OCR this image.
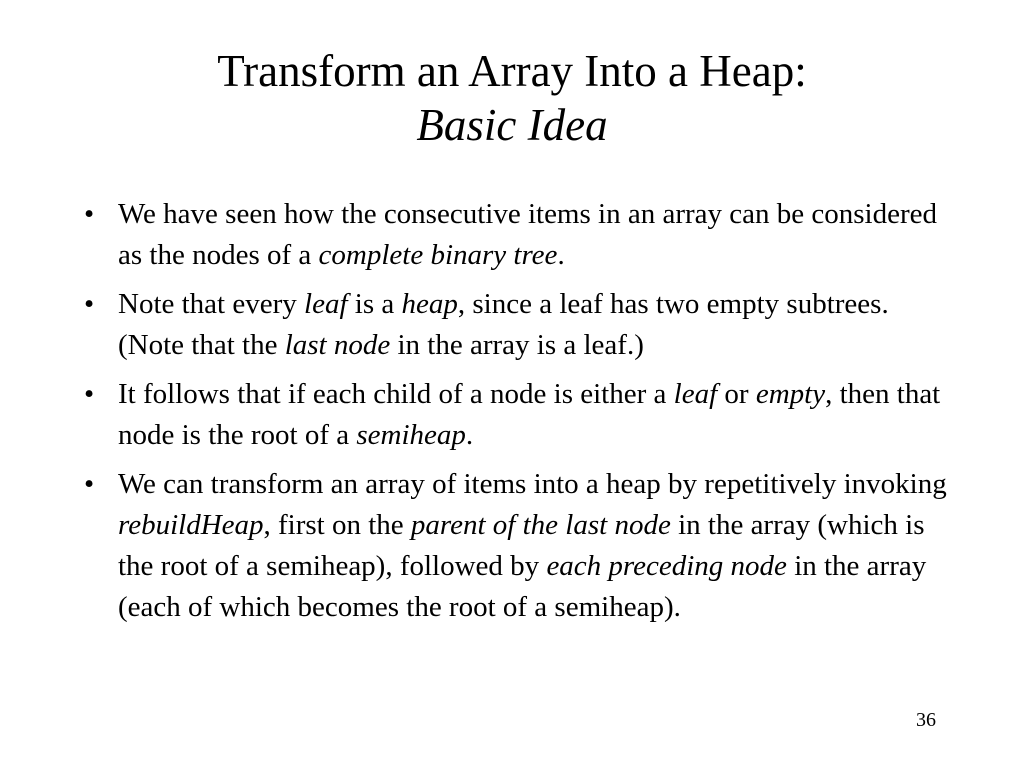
Transform an Array Into a Heap:
Basic Idea
• We have seen how the consecutive items in an array can be considered as the nodes of a complete binary tree.
• Note that every leaf is a heap, since a leaf has two empty subtrees. (Note that the last node in the array is a leaf.)
• It follows that if each child of a node is either a leaf or empty, then that node is the root of a semiheap.
• We can transform an array of items into a heap by repetitively invoking rebuildHeap, first on the parent of the last node in the array (which is the root of a semiheap), followed by each preceding node in the array (each of which becomes the root of a semiheap).
36
